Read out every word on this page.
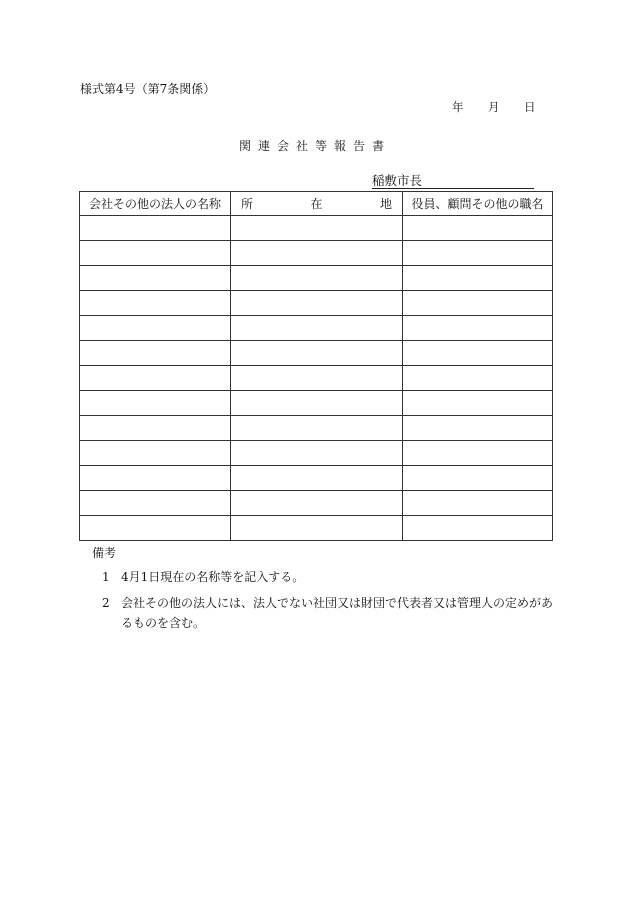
様式第4号（第7条関係）
年	月	日
関連会社等報告書
稲敷市長
会社その他の法人の名称	所 在 地	役員、顧問その他の職名

備考
1 4月1日現在の名称等を記入する。
2 会社その他の法人には、法人でない社団又は財団で代表者又は管理人の定めがあるものを含む。
